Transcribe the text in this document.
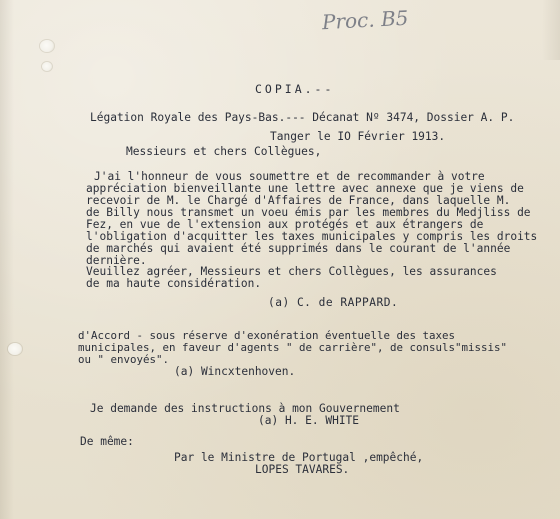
Proc. B5
COPIA.--
Légation Royale des Pays-Bas.--- Décanat Nº 3474, Dossier A. P.
Tanger le IO Février 1913.
Messieurs et chers Collègues,
J'ai l'honneur de vous soumettre et de recommander à votre
appréciation bienveillante une lettre avec annexe que je viens de
recevoir de M. le Chargé d'Affaires de France, dans laquelle M.
de Billy nous transmet un voeu émis par les membres du Medjliss de
Fez, en vue de l'extension aux protégés et aux étrangers de
l'obligation d'acquitter les taxes municipales y compris les droits
de marchés qui avaient été supprimés dans le courant de l'année
dernière.
Veuillez agréer, Messieurs et chers Collègues, les assurances
de ma haute considération.
(a) C. de RAPPARD.
d'Accord - sous réserve d'exonération éventuelle des taxes
municipales, en faveur d'agents " de carrière", de consuls"missis"
ou " envoyés".
(a) Wincxtenhoven.
Je demande des instructions à mon Gouvernement
(a) H. E. WHITE
De même:
Par le Ministre de Portugal ,empêché,
LOPES TAVARES.
